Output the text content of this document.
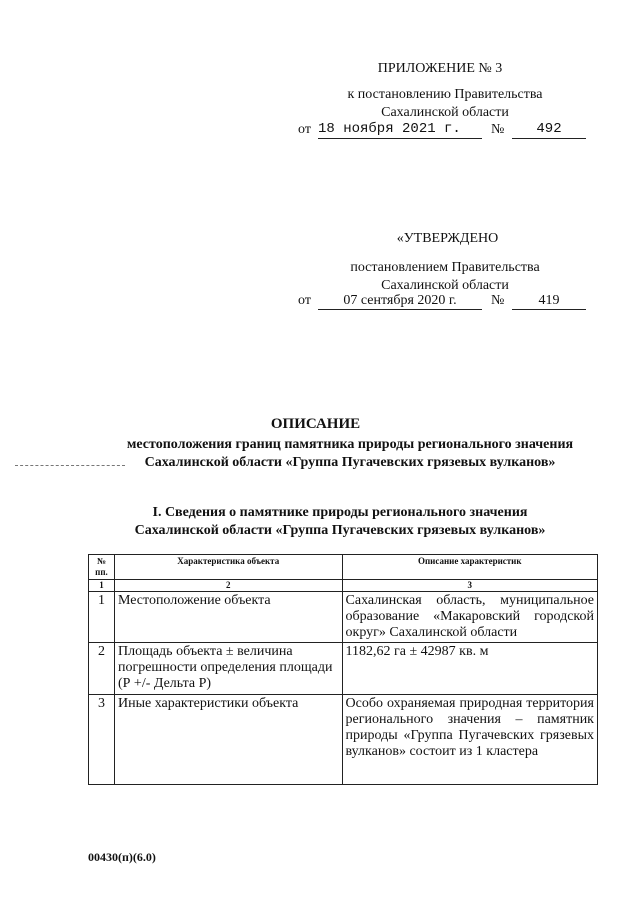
ПРИЛОЖЕНИЕ № 3
к постановлению Правительства
Сахалинской области
от 18 ноября 2021 г.	№	492
«УТВЕРЖДЕНО
постановлением Правительства
Сахалинской области
от	07 сентября 2020 г.	№	419
ОПИСАНИЕ
местоположения границ памятника природы регионального значения
Сахалинской области «Группа Пугачевских грязевых вулканов»
I. Сведения о памятнике природы регионального значения
Сахалинской области «Группа Пугачевских грязевых вулканов»
№ пп.	Характеристика объекта	Описание характеристик
1	2	3
1	Местоположение объекта	Сахалинская область, муниципальное образование «Макаровский городской округ» Сахалинской области
2	Площадь объекта ± величина погрешности определения площади (Р +/- Дельта Р)	1182,62 га ± 42987 кв. м
3	Иные характеристики объекта	Особо охраняемая природная территория регионального значения – памятник природы «Группа Пугачевских грязевых вулканов» состоит из 1 кластера
00430(п)(6.0)
